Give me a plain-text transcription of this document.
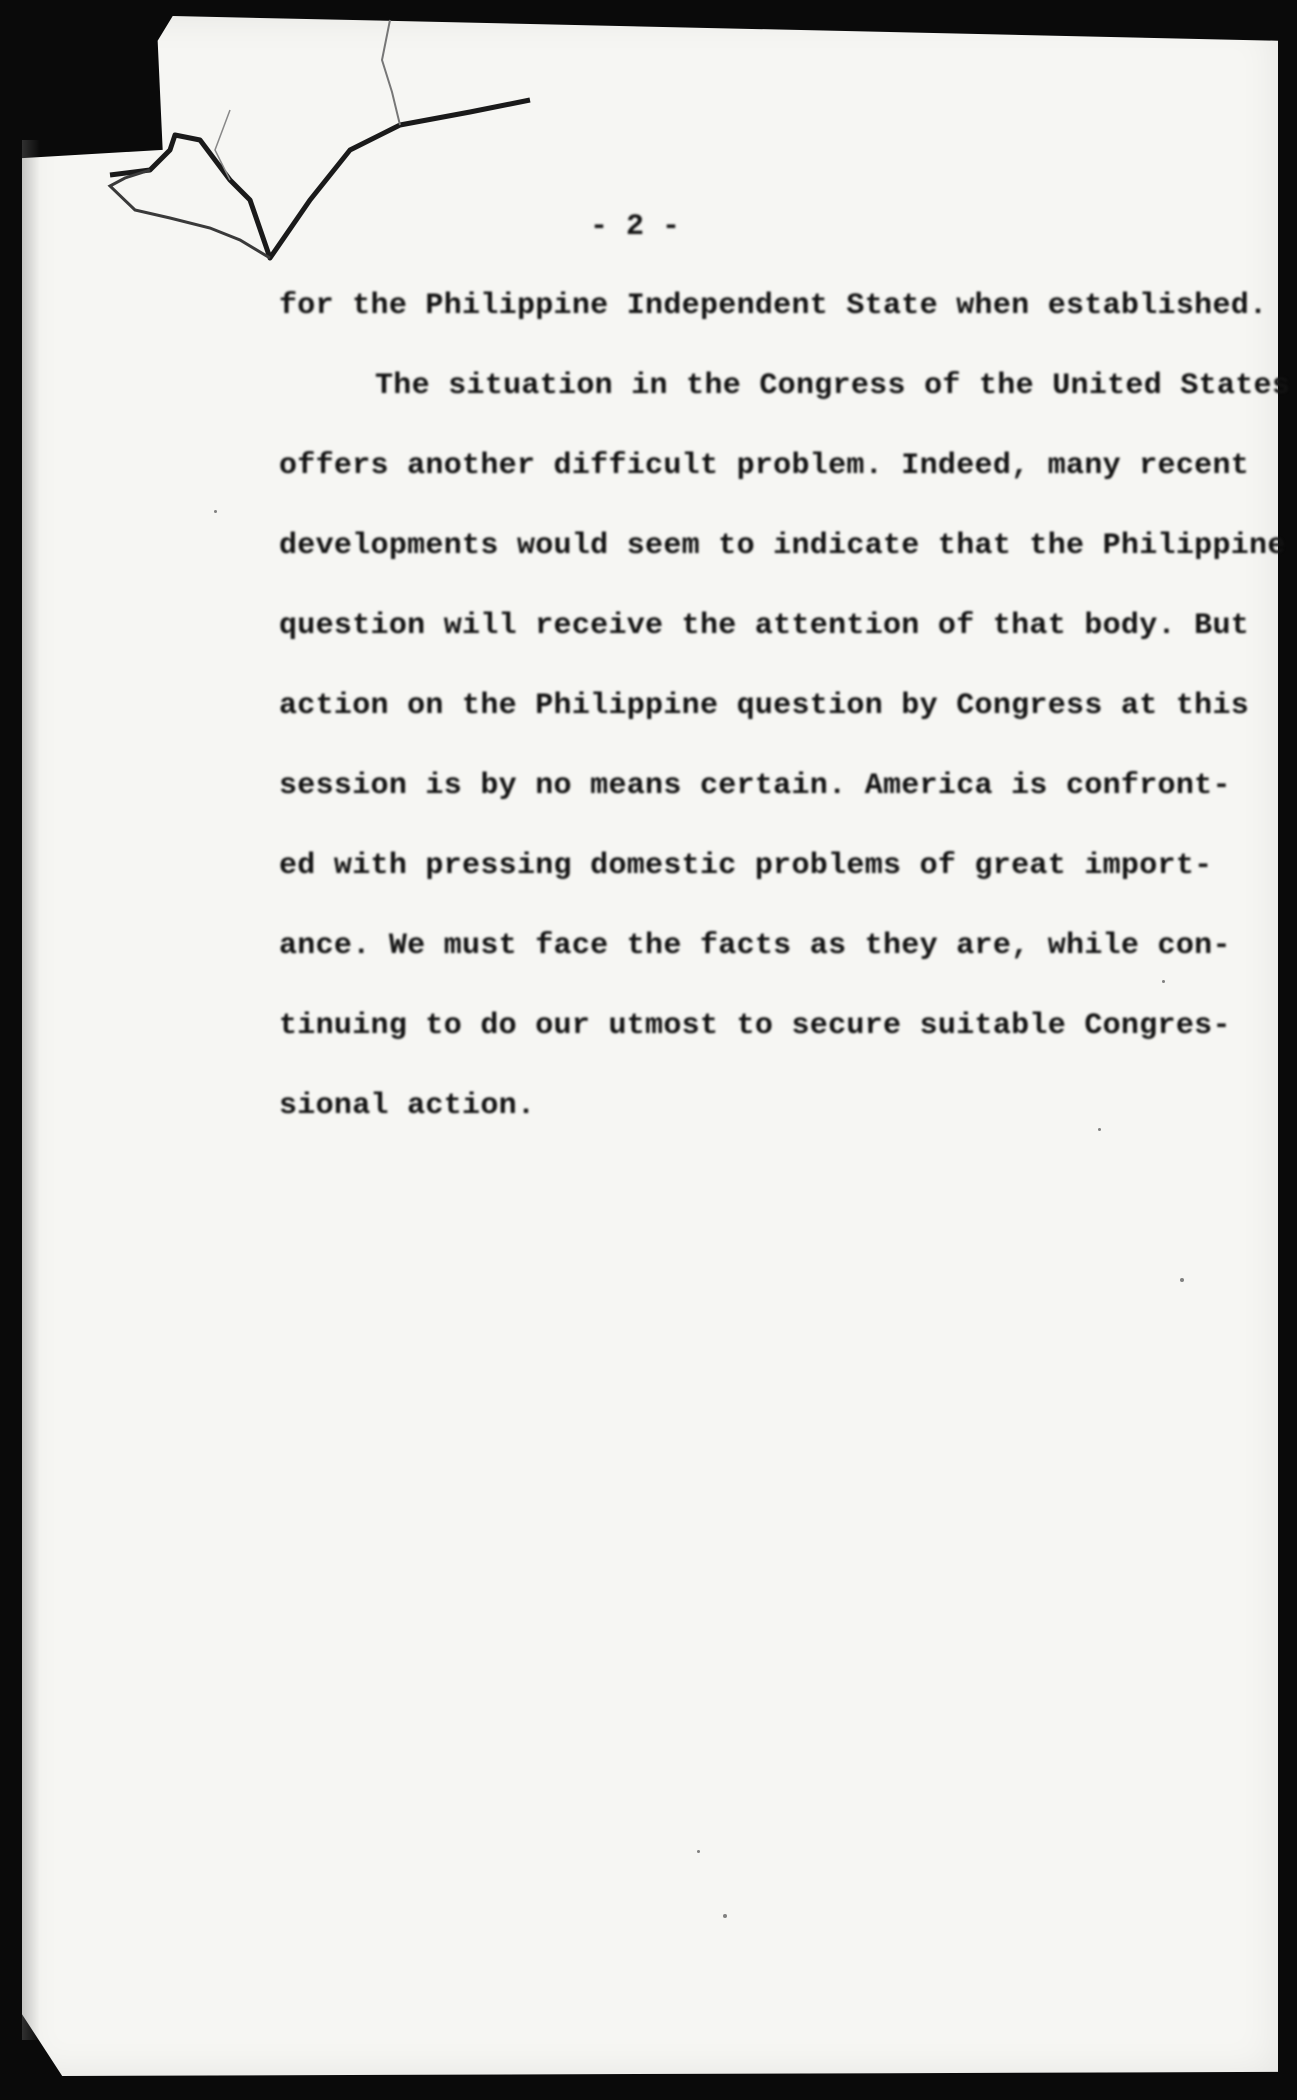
- 2 -
for the Philippine Independent State when established.
The situation in the Congress of the United States
offers another difficult problem. Indeed, many recent
developments would seem to indicate that the Philippine
question will receive the attention of that body. But
action on the Philippine question by Congress at this
session is by no means certain. America is confront-
ed with pressing domestic problems of great import-
ance. We must face the facts as they are, while con-
tinuing to do our utmost to secure suitable Congres-
sional action.
